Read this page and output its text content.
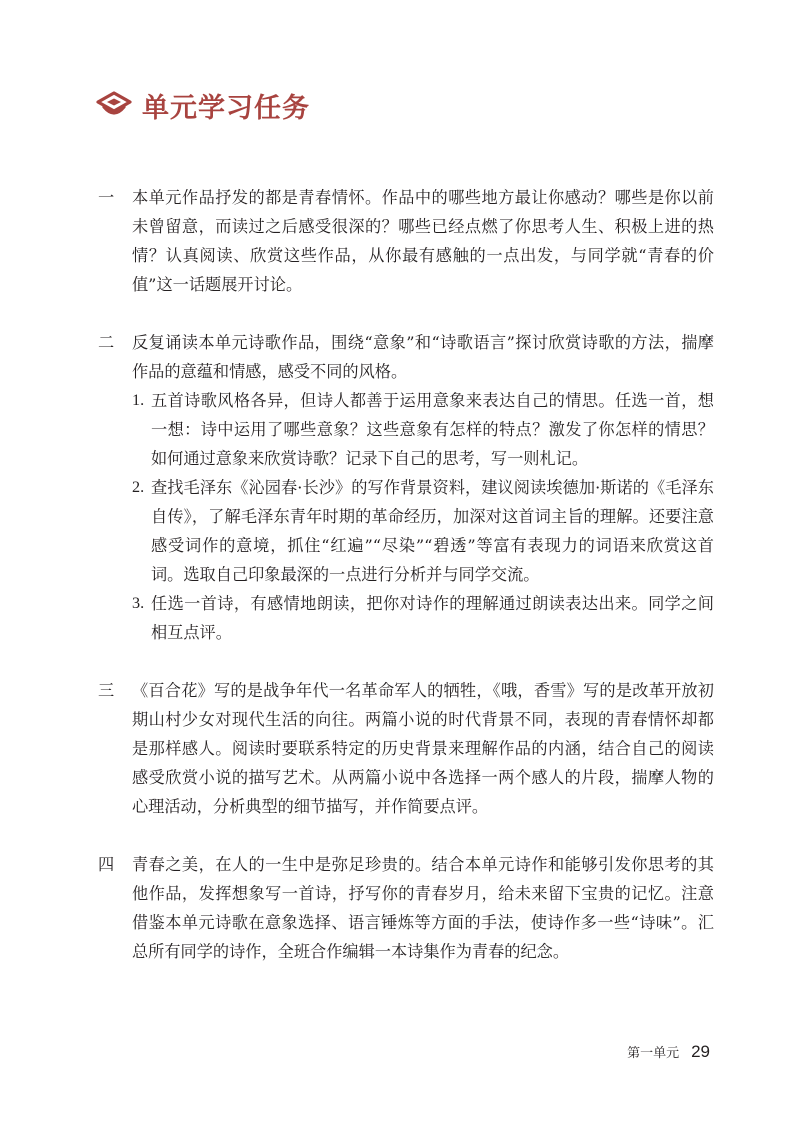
单元学习任务
一	本单元作品抒发的都是青春情怀。作品中的哪些地方最让你感动？哪些是你以前未曾留意，而读过之后感受很深的？哪些已经点燃了你思考人生、积极上进的热情？认真阅读、欣赏这些作品，从你最有感触的一点出发，与同学就“青春的价值”这一话题展开讨论。

二	反复诵读本单元诗歌作品，围绕“意象”和“诗歌语言”探讨欣赏诗歌的方法，揣摩作品的意蕴和情感，感受不同的风格。

1. 五首诗歌风格各异，但诗人都善于运用意象来表达自己的情思。任选一首，想一想：诗中运用了哪些意象？这些意象有怎样的特点？激发了你怎样的情思？如何通过意象来欣赏诗歌？记录下自己的思考，写一则札记。
2. 查找毛泽东《沁园春·长沙》的写作背景资料，建议阅读埃德加·斯诺的《毛泽东自传》，了解毛泽东青年时期的革命经历，加深对这首词主旨的理解。还要注意感受词作的意境，抓住“红遍”“尽染”“碧透”等富有表现力的词语来欣赏这首词。选取自己印象最深的一点进行分析并与同学交流。
3. 任选一首诗，有感情地朗读，把你对诗作的理解通过朗读表达出来。同学之间相互点评。
三	《百合花》写的是战争年代一名革命军人的牺牲，《哦，香雪》写的是改革开放初期山村少女对现代生活的向往。两篇小说的时代背景不同，表现的青春情怀却都是那样感人。阅读时要联系特定的历史背景来理解作品的内涵，结合自己的阅读感受欣赏小说的描写艺术。从两篇小说中各选择一两个感人的片段，揣摩人物的心理活动，分析典型的细节描写，并作简要点评。

四	青春之美，在人的一生中是弥足珍贵的。结合本单元诗作和能够引发你思考的其他作品，发挥想象写一首诗，抒写你的青春岁月，给未来留下宝贵的记忆。注意借鉴本单元诗歌在意象选择、语言锤炼等方面的手法，使诗作多一些“诗味”。汇总所有同学的诗作，全班合作编辑一本诗集作为青春的纪念。

第一单元 29
